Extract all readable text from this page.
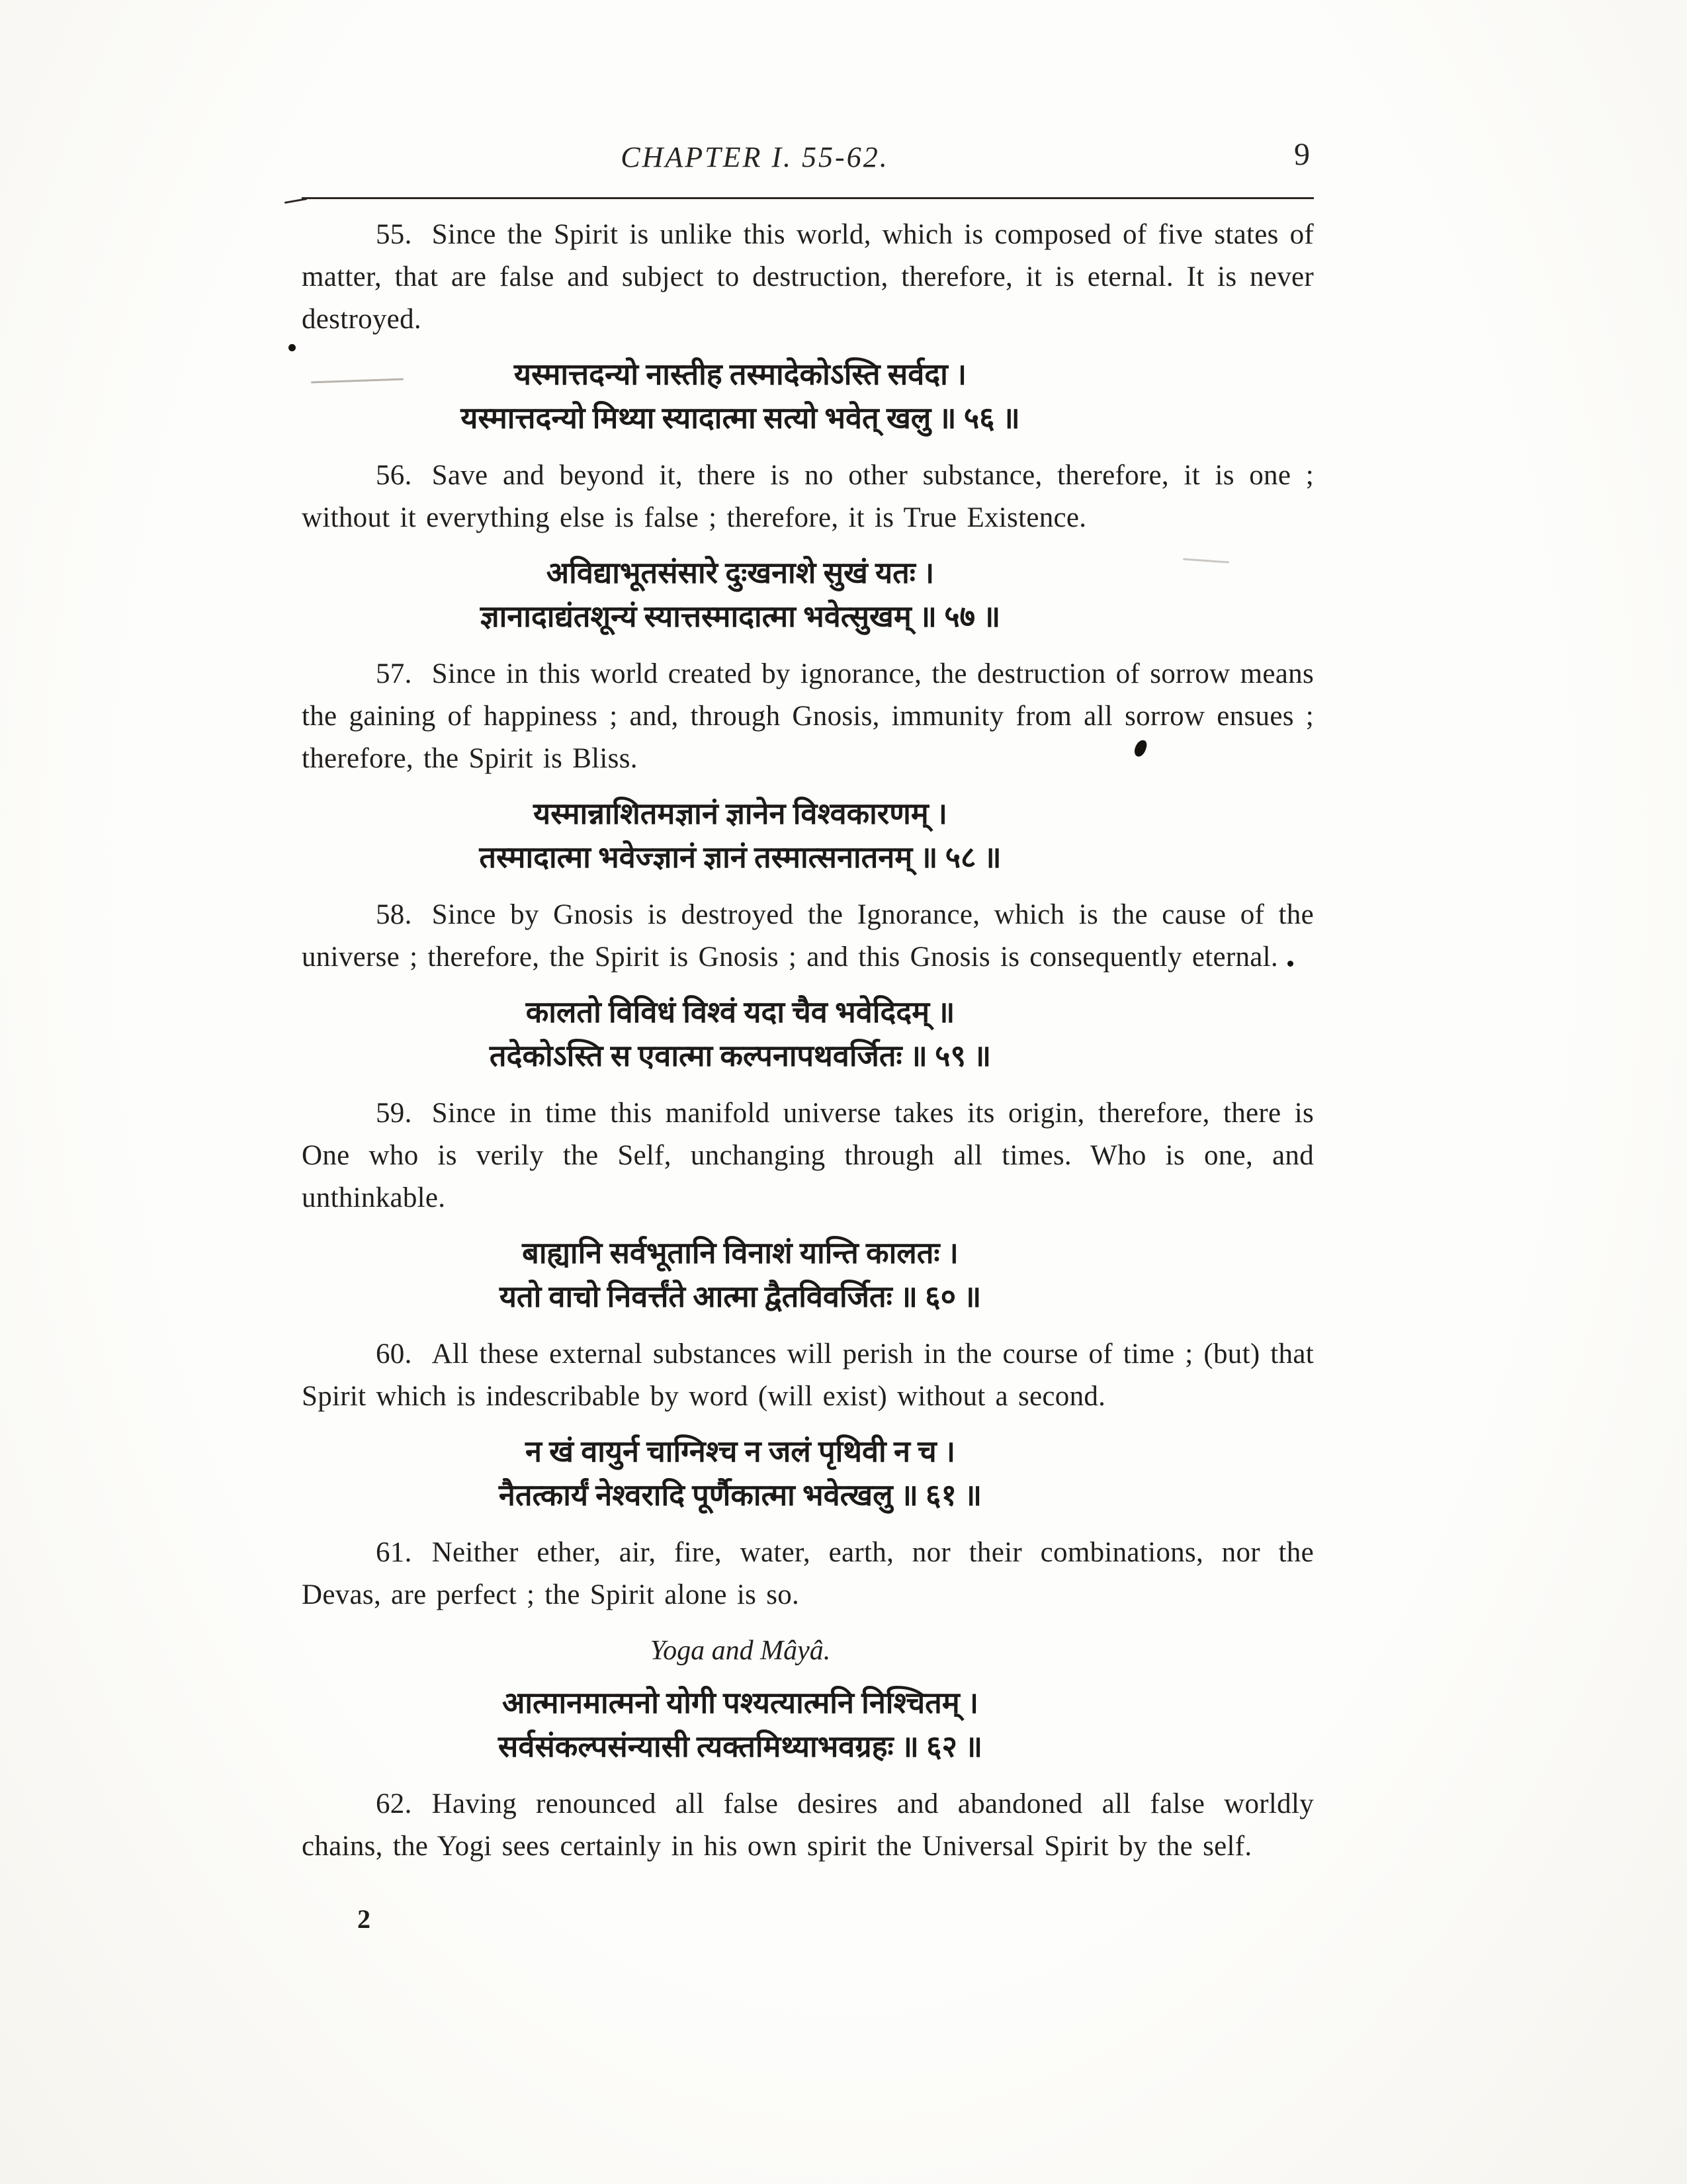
CHAPTER I. 55-62.	9

55. Since the Spirit is unlike this world, which is composed of five states of matter, that are false and subject to destruction, therefore, it is eternal. It is never destroyed.

यस्मात्तदन्यो नास्तीह तस्मादेकोऽस्ति सर्वदा ।
यस्मात्तदन्यो मिथ्या स्यादात्मा सत्यो भवेत् खलु ॥ ५६ ॥

56. Save and beyond it, there is no other substance, therefore, it is one ; without it everything else is false ; therefore, it is True Existence.

अविद्याभूतसंसारे दुःखनाशे सुखं यतः ।
ज्ञानादाद्यंतशून्यं स्यात्तस्मादात्मा भवेत्सुखम् ॥ ५७ ॥

57. Since in this world created by ignorance, the destruction of sorrow means the gaining of happiness ; and, through Gnosis, immunity from all sorrow ensues ; therefore, the Spirit is Bliss.

यस्मान्नाशितमज्ञानं ज्ञानेन विश्वकारणम् ।
तस्मादात्मा भवेज्ज्ञानं ज्ञानं तस्मात्सनातनम् ॥ ५८ ॥

58. Since by Gnosis is destroyed the Ignorance, which is the cause of the universe ; therefore, the Spirit is Gnosis ; and this Gnosis is consequently eternal.

कालतो विविधं विश्वं यदा चैव भवेदिदम् ॥
तदेकोऽस्ति स एवात्मा कल्पनापथवर्जितः ॥ ५९ ॥

59. Since in time this manifold universe takes its origin, therefore, there is One who is verily the Self, unchanging through all times. Who is one, and unthinkable.

बाह्यानि सर्वभूतानि विनाशं यान्ति कालतः ।
यतो वाचो निवर्त्तंते आत्मा द्वैतविवर्जितः ॥ ६० ॥

60. All these external substances will perish in the course of time ; (but) that Spirit which is indescribable by word (will exist) without a second.

न खं वायुर्न चाग्निश्च न जलं पृथिवी न च ।
नैतत्कार्यं नेश्वरादि पूर्णैकात्मा भवेत्खलु ॥ ६१ ॥

61. Neither ether, air, fire, water, earth, nor their combinations, nor the Devas, are perfect ; the Spirit alone is so.

Yoga and Mâyâ.
आत्मानमात्मनो योगी पश्यत्यात्मनि निश्चितम् ।
सर्वसंकल्पसंन्यासी त्यक्तमिथ्याभवग्रहः ॥ ६२ ॥

62. Having renounced all false desires and abandoned all false worldly chains, the Yogi sees certainly in his own spirit the Universal Spirit by the self.

2
